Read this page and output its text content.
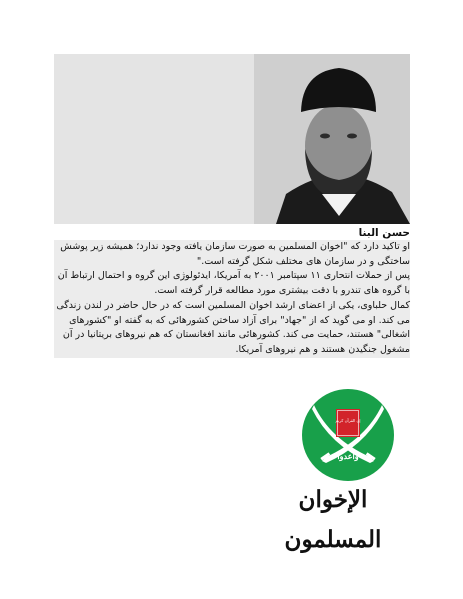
حسن البنا

او تاکید دارد که "اخوان المسلمین به صورت سازمان یافته وجود ندارد؛ همیشه زیر پوشش ساختگی و در سازمان های مختلف شکل گرفته است."

پس از حملات انتحاری ۱۱ سپتامبر ۲۰۰۱ به آمریکا، ایدئولوژی این گروه و احتمال ارتباط آن با گروه های تندرو با دقت بیشتری مورد مطالعه قرار گرفته است.

کمال حلباوی، یکی از اعضای ارشد اخوان المسلمین است که در حال حاضر در لندن زندگی می کند. او می گوید که از "جهاد" برای آزاد ساختن کشورهائی که به گفته او "کشورهای اشغالی" هستند، حمایت می کند. کشورهائی مانند افغانستان که هم نیروهای بریتانیا در آن مشغول جنگیدن هستند و هم نیروهای آمریکا.

إن القرآن كريم
وأعدوا
الإخوان المسلمون
